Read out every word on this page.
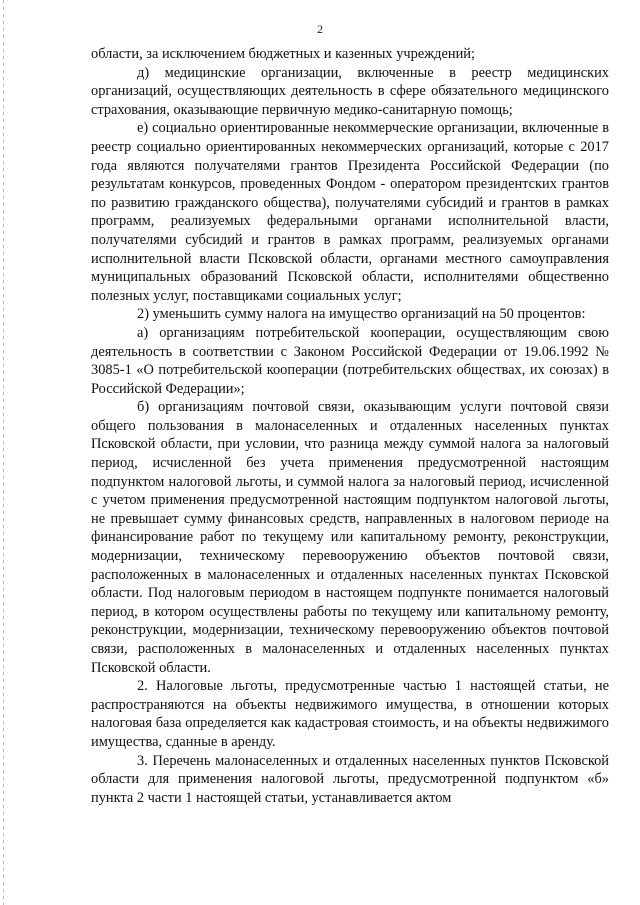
2

области, за исключением бюджетных и казенных учреждений;

д) медицинские организации, включенные в реестр медицинских организаций, осуществляющих деятельность в сфере обязательного медицинского страхования, оказывающие первичную медико-санитарную помощь;

е) социально ориентированные некоммерческие организации, включенные в реестр социально ориентированных некоммерческих организаций, которые с 2017 года являются получателями грантов Президента Российской Федерации (по результатам конкурсов, проведенных Фондом - оператором президентских грантов по развитию гражданского общества), получателями субсидий и грантов в рамках программ, реализуемых федеральными органами исполнительной власти, получателями субсидий и грантов в рамках программ, реализуемых органами исполнительной власти Псковской области, органами местного самоуправления муниципальных образований Псковской области, исполнителями общественно полезных услуг, поставщиками социальных услуг;

2) уменьшить сумму налога на имущество организаций на 50 процентов:

а) организациям потребительской кооперации, осуществляющим свою деятельность в соответствии с Законом Российской Федерации от 19.06.1992 № 3085-1 «О потребительской кооперации (потребительских обществах, их союзах) в Российской Федерации»;

б) организациям почтовой связи, оказывающим услуги почтовой связи общего пользования в малонаселенных и отдаленных населенных пунктах Псковской области, при условии, что разница между суммой налога за налоговый период, исчисленной без учета применения предусмотренной настоящим подпунктом налоговой льготы, и суммой налога за налоговый период, исчисленной с учетом применения предусмотренной настоящим подпунктом налоговой льготы, не превышает сумму финансовых средств, направленных в налоговом периоде на финансирование работ по текущему или капитальному ремонту, реконструкции, модернизации, техническому перевооружению объектов почтовой связи, расположенных в малонаселенных и отдаленных населенных пунктах Псковской области. Под налоговым периодом в настоящем подпункте понимается налоговый период, в котором осуществлены работы по текущему или капитальному ремонту, реконструкции, модернизации, техническому перевооружению объектов почтовой связи, расположенных в малонаселенных и отдаленных населенных пунктах Псковской области.

2. Налоговые льготы, предусмотренные частью 1 настоящей статьи, не распространяются на объекты недвижимого имущества, в отношении которых налоговая база определяется как кадастровая стоимость, и на объекты недвижимого имущества, сданные в аренду.

3. Перечень малонаселенных и отдаленных населенных пунктов Псковской области для применения налоговой льготы, предусмотренной подпунктом «б» пункта 2 части 1 настоящей статьи, устанавливается актом
